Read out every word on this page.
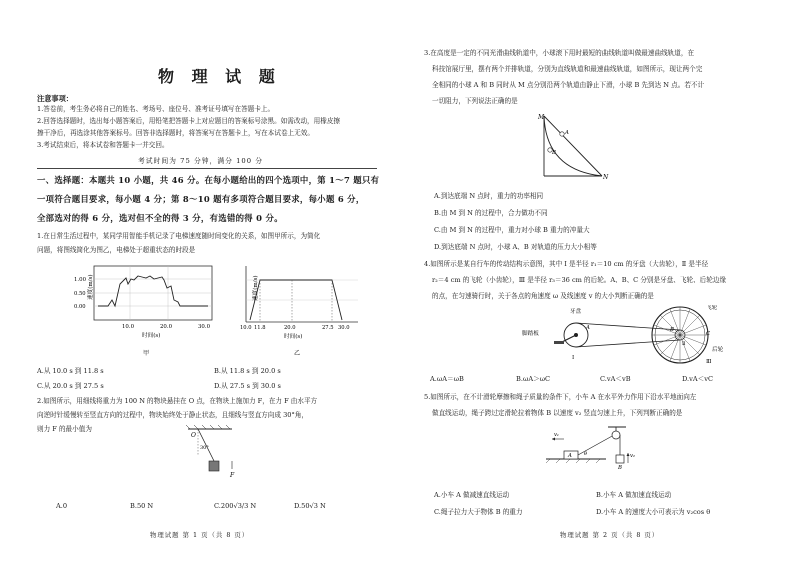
物 理 试 题
注意事项：
1.答卷前，考生务必将自己的姓名、考场号、座位号、准考证号填写在答题卡上。
2.回答选择题时，选出每小题答案后，用铅笔把答题卡上对应题目的答案标号涂黑。如需改动，用橡皮擦
擦干净后，再选涂其他答案标号。回答非选择题时，将答案写在答题卡上，写在本试卷上无效。
3.考试结束后，将本试卷和答题卡一并交回。
考试时间为 75 分钟，满分 100 分
一、选择题：本题共 10 小题，共 46 分。在每小题给出的四个选项中，第 1～7 题只有
一项符合题目要求，每小题 4 分；第 8～10 题有多项符合题目要求，每小题 6 分，
全部选对的得 6 分，选对但不全的得 3 分，有选错的得 0 分。
1.在日常生活过程中，某同学用智能手机记录了电梯速度随时间变化的关系，如图甲所示，为简化
问题，将图线简化为图乙，电梯处于超重状态的时段是
速度(m/s)
1.00
0.50
0.00
10.0	20.0	30.0
时间(s)
甲
速度(m/s)
10.0 11.8	20.0	27.5 30.0
时间(s)
乙
A.从 10.0 s 到 11.8 s	B.从 11.8 s 到 20.0 s
C.从 20.0 s 到 27.5 s	D.从 27.5 s 到 30.0 s
2.如图所示，用细线将重力为 100 N 的物块悬挂在 O 点，在物块上施加力 F，在力 F 由水平方
向逆时针缓慢转至竖直方向的过程中，物块始终处于静止状态，且细线与竖直方向成 30°角，
则力 F 的最小值为
O
30°
F
A.0	B.50 N	C.200√3/3 N	D.50√3 N
物理试题 第 1 页（共 8 页）
3.在高度是一定的不同光滑曲线轨道中，小球滚下用时最短的曲线轨道叫做最速曲线轨道，在
科技馆展厅里，摆有两个并排轨道，分别为直线轨道和最速曲线轨道，如图所示，现让两个完
全相同的小球 A 和 B 同时从 M 点分别沿两个轨道由静止下滑，小球 B 先到达 N 点。若不计
一切阻力，下列说法正确的是
M
N
A
B
A.到达底端 N 点时，重力的功率相同
B.由 M 到 N 的过程中，合力做功不同
C.由 M 到 N 的过程中，重力对小球 B 重力的冲量大
D.到达底端 N 点时，小球 A、B 对轨道的压力大小相等
4.如图所示是某自行车的传动结构示意图，其中 Ⅰ 是半径 r₁＝10 cm 的牙盘（大齿轮），Ⅱ 是半径
r₂＝4 cm 的飞轮（小齿轮），Ⅲ 是半径 r₃＝36 cm 的后轮。A、B、C 分别是牙盘、飞轮、后轮边缘
的点，在匀速骑行时，关于各点的角速度 ω 及线速度 v 的大小判断正确的是
脚踏板
牙盘
飞轮
后轮
Ⅰ
Ⅱ
Ⅲ
A	B
C
A.ωA＝ωB	B.ωA＞ωC	C.vA＜vB	D.vA＜vC
5.如图所示，在不计滑轮摩擦和绳子质量的条件下，小车 A 在水平外力作用下沿水平地面向左
做直线运动，绳子跨过定滑轮拉着物体 B 以速度 v₂ 竖直匀速上升，下列判断正确的是
A
B
v₁
v₂
θ
A.小车 A 做减速直线运动	B.小车 A 做加速直线运动
C.绳子拉力大于物体 B 的重力	D.小车 A 的速度大小可表示为 v₂cos θ
物理试题 第 2 页（共 8 页）
